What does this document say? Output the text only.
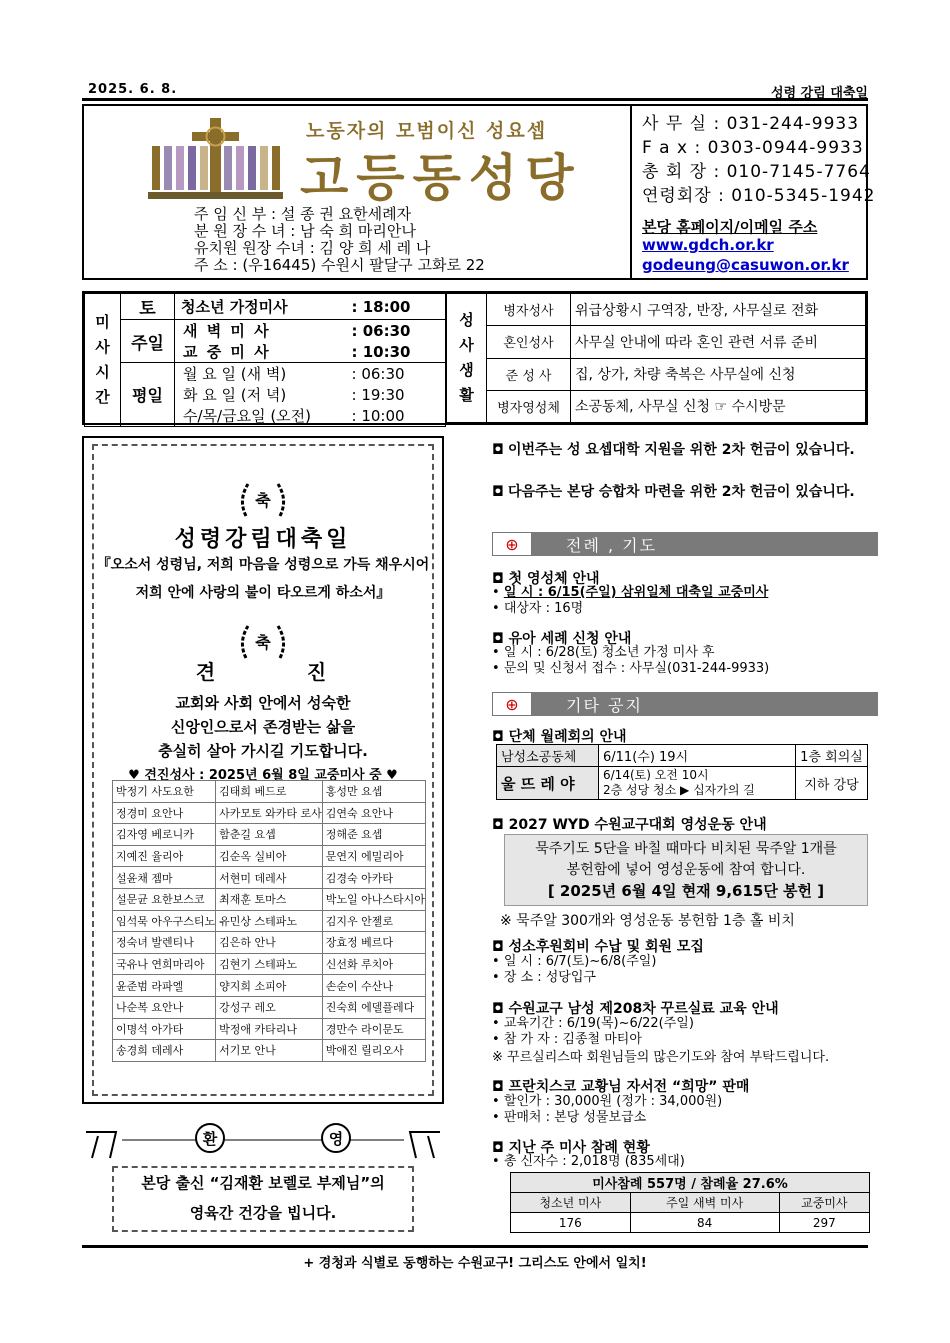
2025. 6. 8.	성령 강림 대축일
노동자의 모범이신 성요셉
고등동성당
주 임 신 부 : 설 종 권 요한세례자
분 원 장 수 녀 : 남 숙 희 마리안나
유치원 원장 수녀 : 김 양 희 세 레 나
주 소 : (우16445) 수원시 팔달구 고화로 22
사 무 실 : 031-244-9933
F a x : 0303-0944-9933
총 회 장 : 010-7145-7764
연령회장 : 010-5345-1942
본당 홈페이지/이메일 주소
www.gdch.or.kr
godeung@casuwon.or.kr
미
사
시
간	토	청소년 가정미사	: 18:00
	주일	새 벽 미 사	: 06:30
		교 중 미 사	: 10:30
	평일	월 요 일 (새 벽)	: 06:30
		화 요 일 (저 녁)	: 19:30
		수/목/금요일 (오전)	: 10:00
성
사
생
활	병자성사	위급상황시 구역장, 반장, 사무실로 전화
	혼인성사	사무실 안내에 따라 혼인 관련 서류 준비
	준 성 사	집, 상가, 차량 축복은 사무실에 신청
	병자영성체	소공동체, 사무실 신청 ☞ 수시방문
축
성령강림대축일
『오소서 성령님, 저희 마음을 성령으로 가득 채우시어
저희 안에 사랑의 불이 타오르게 하소서』
축
견        진
교회와 사회 안에서 성숙한
신앙인으로서 존경받는 삶을
충실히 살아 가시길 기도합니다.
♥ 견진성사 : 2025년 6월 8일 교중미사 중 ♥
박정기 사도요한	김태희 베드로	홍성만 요셉
정경미 요안나	사카모토 와카타 로사	김연숙 요안나
김자영 베로니카	함춘길 요셉	정해준 요셉
지예진 율리아	김순옥 실비아	문연지 에밀리아
설윤채 젬마	서현미 데레사	김경숙 아카타
설문균 요한보스코	최재훈 토마스	박노일 아나스타시아
임석묵 아우구스티노	유민상 스테파노	김지우 안젤로
정숙녀 발렌티나	김은하 안나	장효정 베르다
국유나 연희마리아	김현기 스테파노	신선화 루치아
윤준범 라파엘	양지희 소피아	손순이 수산나
나순복 요안나	강성구 레오	진숙희 에델플레다
이명석 아가타	박정애 카타리나	경만수 라이문도
송경희 데레사	서기모 안나	박애진 릴리오사
환	영
본당 출신 “김재환 보렐로 부제님”의
영육간 건강을 빕니다.
◘ 이번주는 성 요셉대학 지원을 위한 2차 헌금이 있습니다.
◘ 다음주는 본당 승합차 마련을 위한 2차 헌금이 있습니다.
⊕	전례 , 기도
◘ 첫 영성체 안내
• 일 시 : 6/15(주일) 삼위일체 대축일 교중미사
• 대상자 : 16명
◘ 유아 세례 신청 안내
• 일 시 : 6/28(토) 청소년 가정 미사 후
• 문의 및 신청서 접수 : 사무실(031-244-9933)
⊕	기타 공지
◘ 단체 월례회의 안내
남성소공동체	6/11(수) 19시	1층 회의실
울 뜨 레 야	6/14(토) 오전 10시
2층 성당 청소 ▶ 십자가의 길	지하 강당
◘ 2027 WYD 수원교구대회 영성운동 안내
묵주기도 5단을 바칠 때마다 비치된 묵주알 1개를
봉헌함에 넣어 영성운동에 참여 합니다.
[ 2025년 6월 4일 현재 9,615단 봉헌 ]
※ 묵주알 300개와 영성운동 봉헌함 1층 홀 비치
◘ 성소후원회비 수납 및 회원 모집
• 일 시 : 6/7(토)~6/8(주일)
• 장 소 : 성당입구
◘ 수원교구 남성 제208차 꾸르실료 교육 안내
• 교육기간 : 6/19(목)~6/22(주일)
• 참 가 자 : 김종철 마티아
※ 꾸르실리스따 회원님들의 많은기도와 참여 부탁드립니다.
◘ 프란치스코 교황님 자서전 “희망” 판매
• 할인가 : 30,000원 (정가 : 34,000원)
• 판매처 : 본당 성물보급소
◘ 지난 주 미사 참례 현황
• 총 신자수 : 2,018명 (835세대)
미사참례 557명 / 참례율 27.6%		
청소년 미사	주일 새벽 미사	교중미사
176	84	297
+ 경청과 식별로 동행하는 수원교구! 그리스도 안에서 일치!
